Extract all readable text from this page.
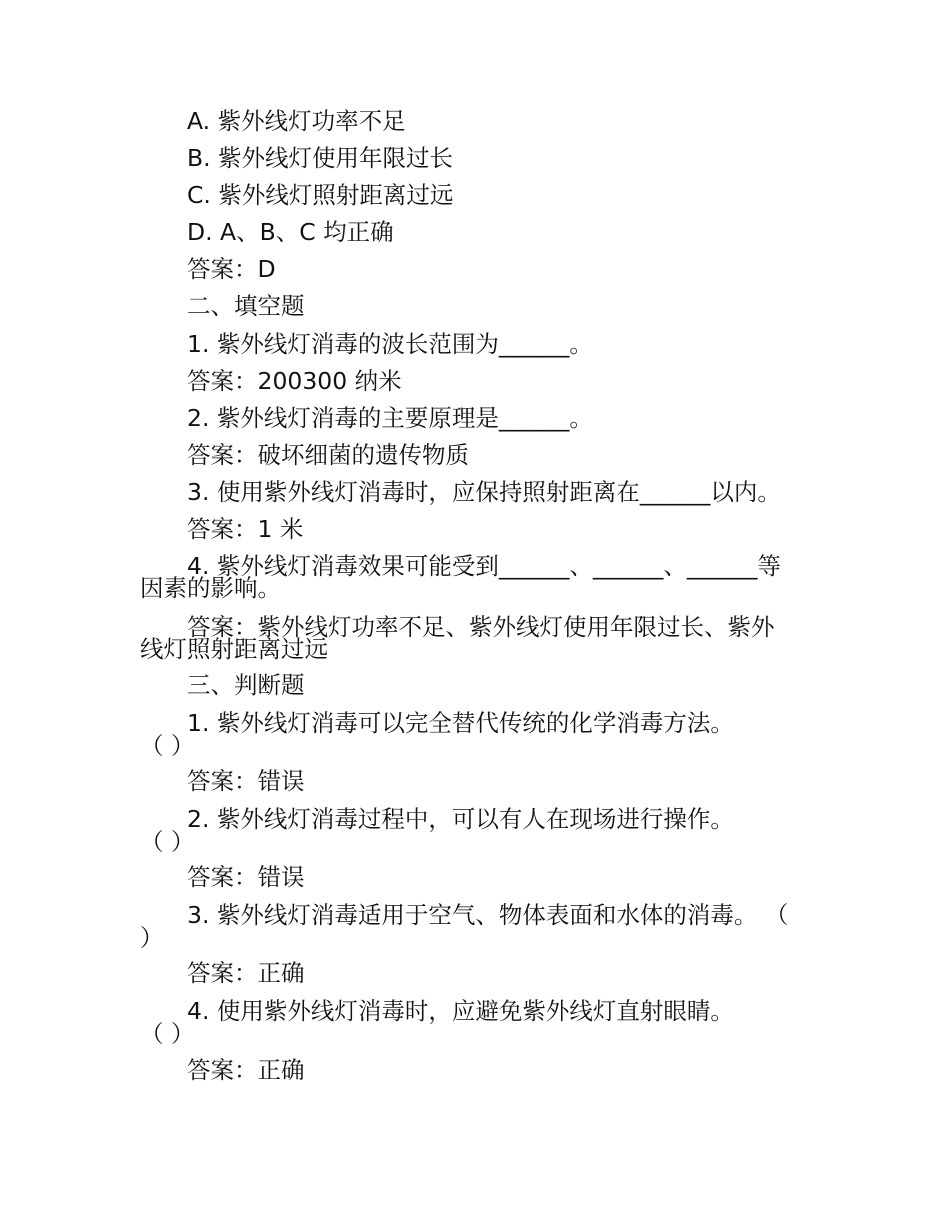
A. 紫外线灯功率不足
B. 紫外线灯使用年限过长
C. 紫外线灯照射距离过远
D. A、B、C 均正确
答案：D
二、填空题
1. 紫外线灯消毒的波长范围为______。
答案：200300 纳米
2. 紫外线灯消毒的主要原理是______。
答案：破坏细菌的遗传物质
3. 使用紫外线灯消毒时，应保持照射距离在______以内。
答案：1 米
4. 紫外线灯消毒效果可能受到______、______、______等
因素的影响。
答案：紫外线灯功率不足、紫外线灯使用年限过长、紫外
线灯照射距离过远
三、判断题
1. 紫外线灯消毒可以完全替代传统的化学消毒方法。
（ ）
答案：错误
2. 紫外线灯消毒过程中，可以有人在现场进行操作。
（ ）
答案：错误
3. 紫外线灯消毒适用于空气、物体表面和水体的消毒。 （
）
答案：正确
4. 使用紫外线灯消毒时，应避免紫外线灯直射眼睛。
（ ）
答案：正确
